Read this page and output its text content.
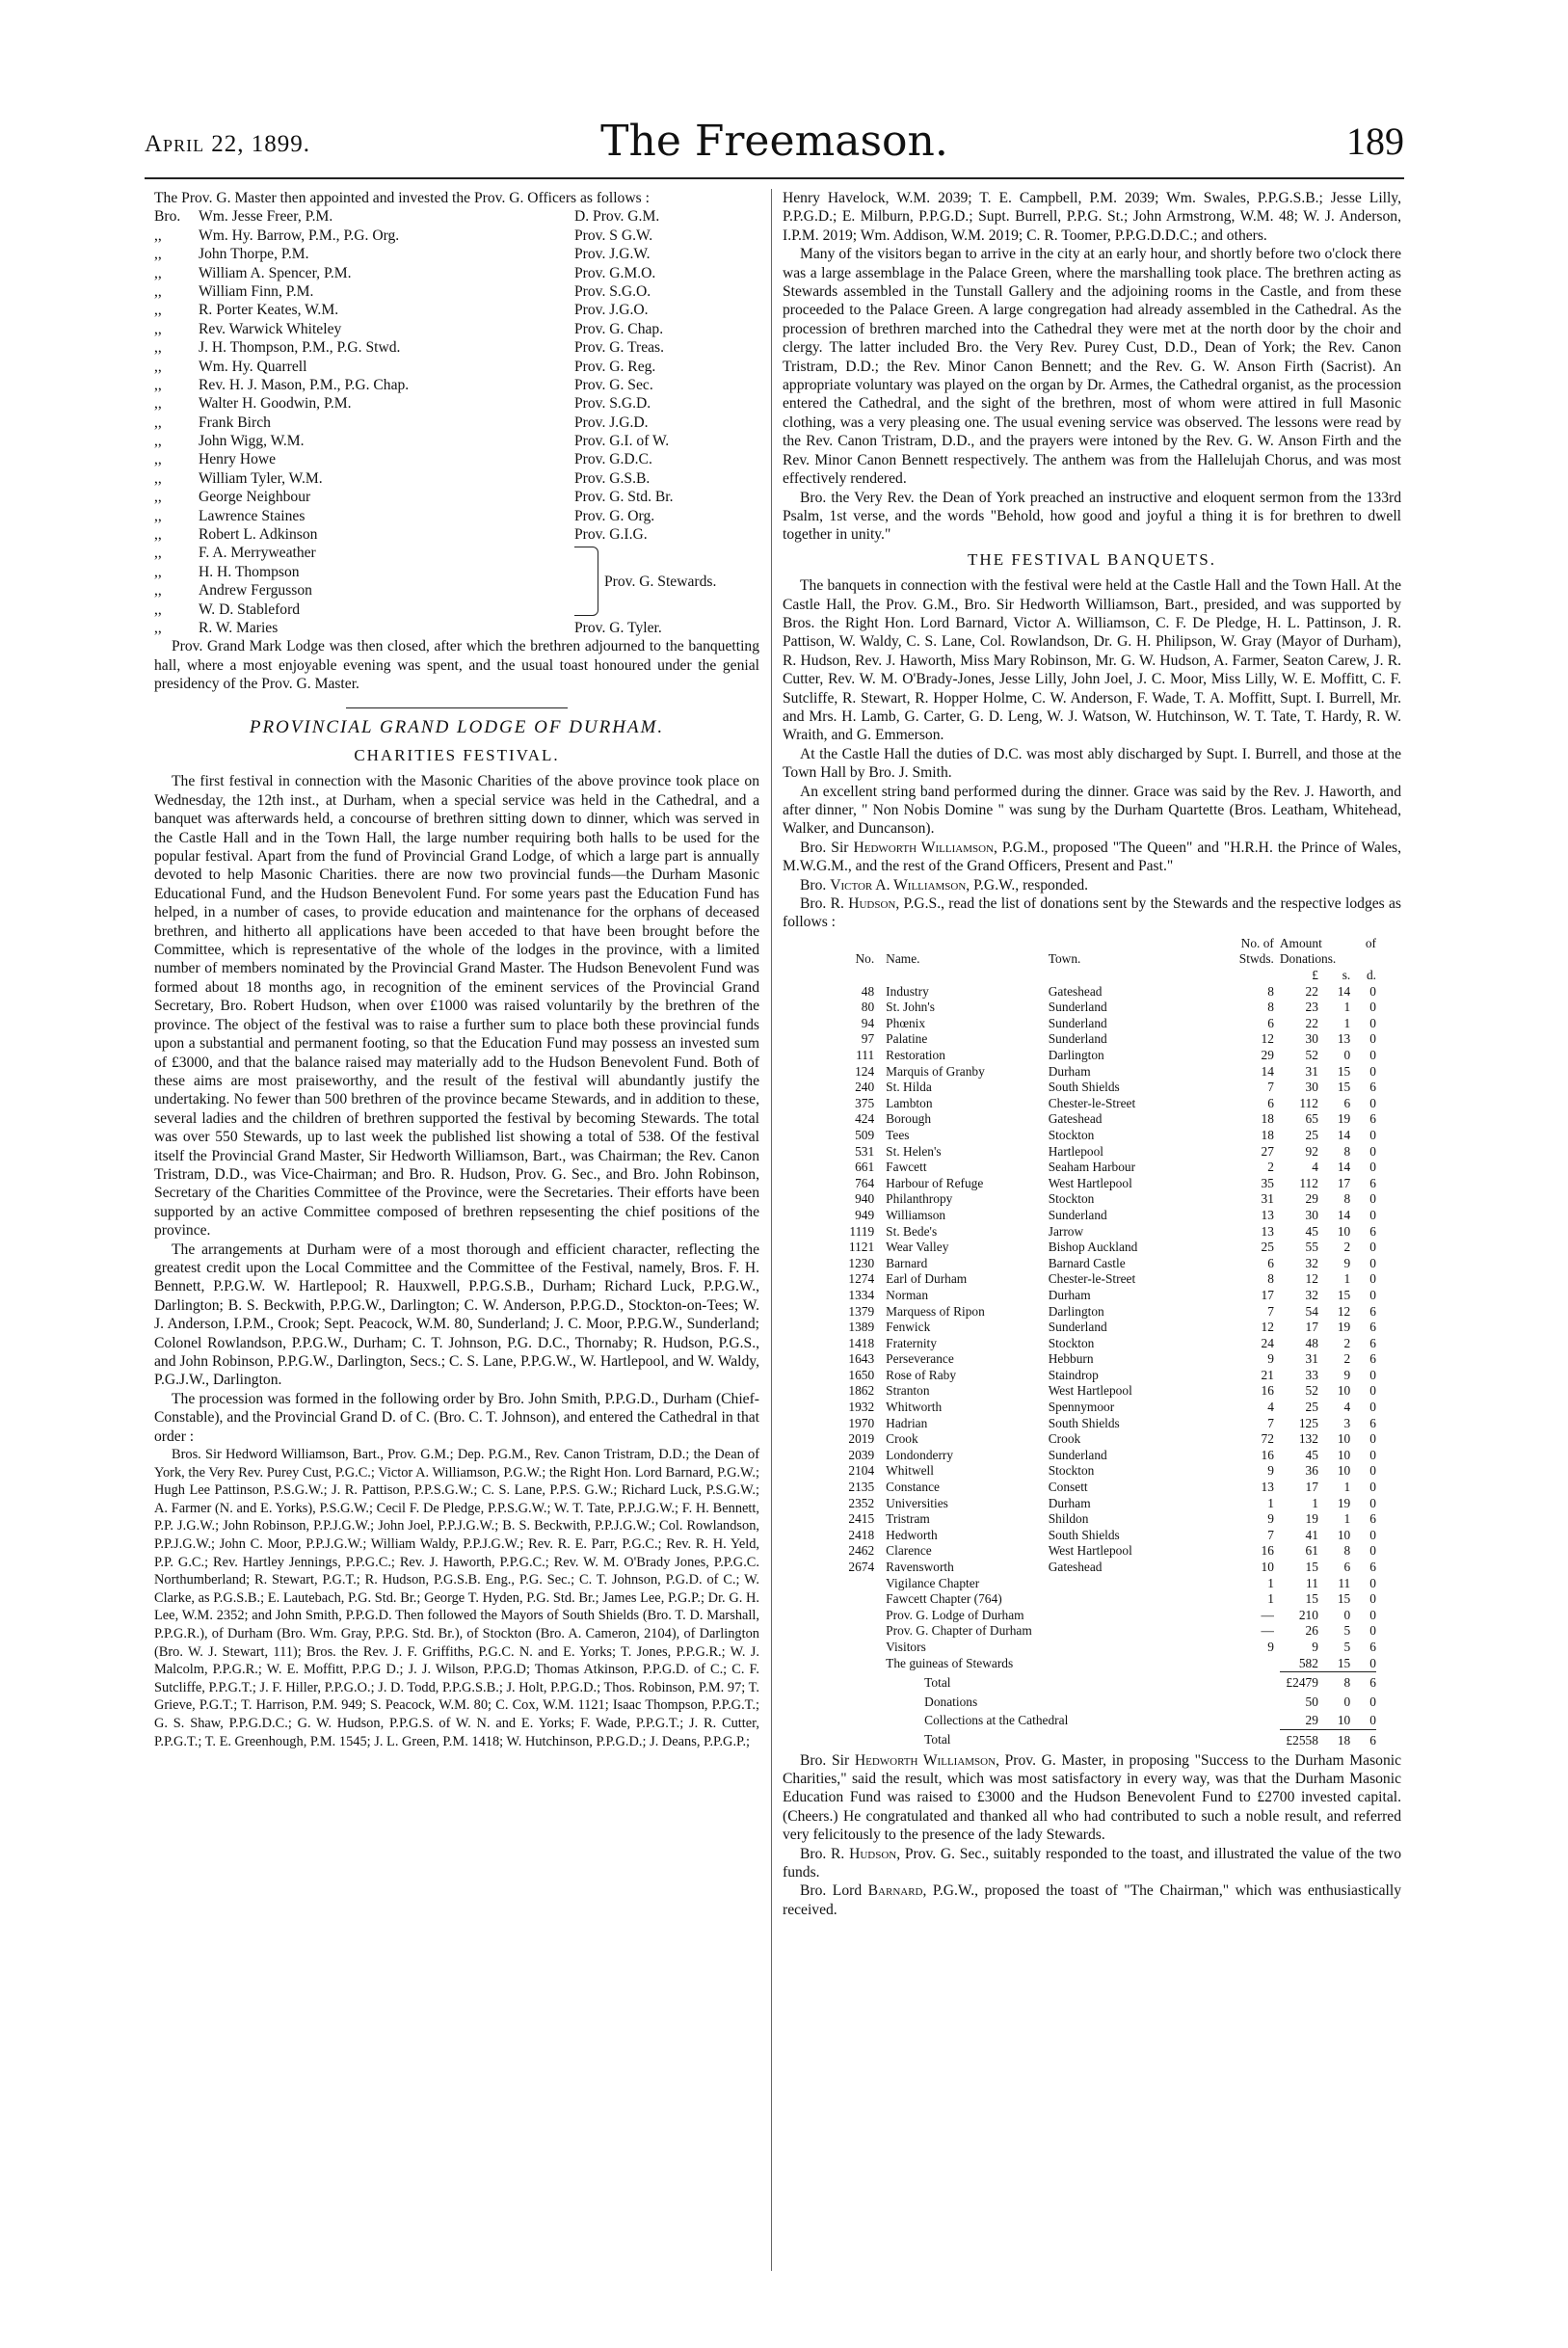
April 22, 1899.	The Freemason.	189

The Prov. G. Master then appointed and invested the Prov. G. Officers as follows :

Bro.	Wm. Jesse Freer, P.M.	D. Prov. G.M.
,,	Wm. Hy. Barrow, P.M., P.G. Org.	Prov. S G.W.
,,	John Thorpe, P.M.	Prov. J.G.W.
,,	William A. Spencer, P.M.	Prov. G.M.O.
,,	William Finn, P.M.	Prov. S.G.O.
,,	R. Porter Keates, W.M.	Prov. J.G.O.
,,	Rev. Warwick Whiteley	Prov. G. Chap.
,,	J. H. Thompson, P.M., P.G. Stwd.	Prov. G. Treas.
,,	Wm. Hy. Quarrell	Prov. G. Reg.
,,	Rev. H. J. Mason, P.M., P.G. Chap.	Prov. G. Sec.
,,	Walter H. Goodwin, P.M.	Prov. S.G.D.
,,	Frank Birch	Prov. J.G.D.
,,	John Wigg, W.M.	Prov. G.I. of W.
,,	Henry Howe	Prov. G.D.C.
,,	William Tyler, W.M.	Prov. G.S.B.
,,	George Neighbour	Prov. G. Std. Br.
,,	Lawrence Staines	Prov. G. Org.
,,	Robert L. Adkinson	Prov. G.I.G.
,,	F. A. Merryweather
,,	H. H. Thompson
,,	Andrew Fergusson
,,	W. D. Stableford
Prov. G. Stewards.
,,	R. W. Maries	Prov. G. Tyler.

Prov. Grand Mark Lodge was then closed, after which the brethren adjourned to the banquetting hall, where a most enjoyable evening was spent, and the usual toast honoured under the genial presidency of the Prov. G. Master.

PROVINCIAL GRAND LODGE OF DURHAM.
CHARITIES FESTIVAL.

The first festival in connection with the Masonic Charities of the above province took place on Wednesday, the 12th inst., at Durham, when a special service was held in the Cathedral, and a banquet was afterwards held, a concourse of brethren sitting down to dinner, which was served in the Castle Hall and in the Town Hall, the large number requiring both halls to be used for the popular festival. Apart from the fund of Provincial Grand Lodge, of which a large part is annually devoted to help Masonic Charities. there are now two provincial funds—the Durham Masonic Educational Fund, and the Hudson Benevolent Fund. For some years past the Education Fund has helped, in a number of cases, to provide education and maintenance for the orphans of deceased brethren, and hitherto all applications have been acceded to that have been brought before the Committee, which is representative of the whole of the lodges in the province, with a limited number of members nominated by the Provincial Grand Master. The Hudson Benevolent Fund was formed about 18 months ago, in recognition of the eminent services of the Provincial Grand Secretary, Bro. Robert Hudson, when over £1000 was raised voluntarily by the brethren of the province. The object of the festival was to raise a further sum to place both these provincial funds upon a substantial and permanent footing, so that the Education Fund may possess an invested sum of £3000, and that the balance raised may materially add to the Hudson Benevolent Fund. Both of these aims are most praiseworthy, and the result of the festival will abundantly justify the undertaking. No fewer than 500 brethren of the province became Stewards, and in addition to these, several ladies and the children of brethren supported the festival by becoming Stewards. The total was over 550 Stewards, up to last week the published list showing a total of 538. Of the festival itself the Provincial Grand Master, Sir Hedworth Williamson, Bart., was Chairman; the Rev. Canon Tristram, D.D., was Vice-Chairman; and Bro. R. Hudson, Prov. G. Sec., and Bro. John Robinson, Secretary of the Charities Committee of the Province, were the Secretaries. Their efforts have been supported by an active Committee composed of brethren repsesenting the chief positions of the province.

The arrangements at Durham were of a most thorough and efficient character, reflecting the greatest credit upon the Local Committee and the Committee of the Festival, namely, Bros. F. H. Bennett, P.P.G.W. W. Hartlepool; R. Hauxwell, P.P.G.S.B., Durham; Richard Luck, P.P.G.W., Darlington; B. S. Beckwith, P.P.G.W., Darlington; C. W. Anderson, P.P.G.D., Stockton-on-Tees; W. J. Anderson, I.P.M., Crook; Sept. Peacock, W.M. 80, Sunderland; J. C. Moor, P.P.G.W., Sunderland; Colonel Rowlandson, P.P.G.W., Durham; C. T. Johnson, P.G. D.C., Thornaby; R. Hudson, P.G.S., and John Robinson, P.P.G.W., Darlington, Secs.; C. S. Lane, P.P.G.W., W. Hartlepool, and W. Waldy, P.G.J.W., Darlington.

The procession was formed in the following order by Bro. John Smith, P.P.G.D., Durham (Chief-Constable), and the Provincial Grand D. of C. (Bro. C. T. Johnson), and entered the Cathedral in that order :

Bros. Sir Hedword Williamson, Bart., Prov. G.M.; Dep. P.G.M., Rev. Canon Tristram, D.D.; the Dean of York, the Very Rev. Purey Cust, P.G.C.; Victor A. Williamson, P.G.W.; the Right Hon. Lord Barnard, P.G.W.; Hugh Lee Pattinson, P.S.G.W.; J. R. Pattison, P.P.S.G.W.; C. S. Lane, P.P.S. G.W.; Richard Luck, P.S.G.W.; A. Farmer (N. and E. Yorks), P.S.G.W.; Cecil F. De Pledge, P.P.S.G.W.; W. T. Tate, P.P.J.G.W.; F. H. Bennett, P.P. J.G.W.; John Robinson, P.P.J.G.W.; John Joel, P.P.J.G.W.; B. S. Beckwith, P.P.J.G.W.; Col. Rowlandson, P.P.J.G.W.; John C. Moor, P.P.J.G.W.; William Waldy, P.P.J.G.W.; Rev. R. E. Parr, P.G.C.; Rev. R. H. Yeld, P.P. G.C.; Rev. Hartley Jennings, P.P.G.C.; Rev. J. Haworth, P.P.G.C.; Rev. W. M. O'Brady Jones, P.P.G.C. Northumberland; R. Stewart, P.G.T.; R. Hudson, P.G.S.B. Eng., P.G. Sec.; C. T. Johnson, P.G.D. of C.; W. Clarke, as P.G.S.B.; E. Lautebach, P.G. Std. Br.; George T. Hyden, P.G. Std. Br.; James Lee, P.G.P.; Dr. G. H. Lee, W.M. 2352; and John Smith, P.P.G.D. Then followed the Mayors of South Shields (Bro. T. D. Marshall, P.P.G.R.), of Durham (Bro. Wm. Gray, P.P.G. Std. Br.), of Stockton (Bro. A. Cameron, 2104), of Darlington (Bro. W. J. Stewart, 111); Bros. the Rev. J. F. Griffiths, P.G.C. N. and E. Yorks; T. Jones, P.P.G.R.; W. J. Malcolm, P.P.G.R.; W. E. Moffitt, P.P.G D.; J. J. Wilson, P.P.G.D; Thomas Atkinson, P.P.G.D. of C.; C. F. Sutcliffe, P.P.G.T.; J. F. Hiller, P.P.G.O.; J. D. Todd, P.P.G.S.B.; J. Holt, P.P.G.D.; Thos. Robinson, P.M. 97; T. Grieve, P.G.T.; T. Harrison, P.M. 949; S. Peacock, W.M. 80; C. Cox, W.M. 1121; Isaac Thompson, P.P.G.T.; G. S. Shaw, P.P.G.D.C.; G. W. Hudson, P.P.G.S. of W. N. and E. Yorks; F. Wade, P.P.G.T.; J. R. Cutter, P.P.G.T.; T. E. Greenhough, P.M. 1545; J. L. Green, P.M. 1418; W. Hutchinson, P.P.G.D.; J. Deans, P.P.G.P.;

Henry Havelock, W.M. 2039; T. E. Campbell, P.M. 2039; Wm. Swales, P.P.G.S.B.; Jesse Lilly, P.P.G.D.; E. Milburn, P.P.G.D.; Supt. Burrell, P.P.G. St.; John Armstrong, W.M. 48; W. J. Anderson, I.P.M. 2019; Wm. Addison, W.M. 2019; C. R. Toomer, P.P.G.D.D.C.; and others.

Many of the visitors began to arrive in the city at an early hour, and shortly before two o'clock there was a large assemblage in the Palace Green, where the marshalling took place. The brethren acting as Stewards assembled in the Tunstall Gallery and the adjoining rooms in the Castle, and from these proceeded to the Palace Green. A large congregation had already assembled in the Cathedral. As the procession of brethren marched into the Cathedral they were met at the north door by the choir and clergy. The latter included Bro. the Very Rev. Purey Cust, D.D., Dean of York; the Rev. Canon Tristram, D.D.; the Rev. Minor Canon Bennett; and the Rev. G. W. Anson Firth (Sacrist). An appropriate voluntary was played on the organ by Dr. Armes, the Cathedral organist, as the procession entered the Cathedral, and the sight of the brethren, most of whom were attired in full Masonic clothing, was a very pleasing one. The usual evening service was observed. The lessons were read by the Rev. Canon Tristram, D.D., and the prayers were intoned by the Rev. G. W. Anson Firth and the Rev. Minor Canon Bennett respectively. The anthem was from the Hallelujah Chorus, and was most effectively rendered.

Bro. the Very Rev. the Dean of York preached an instructive and eloquent sermon from the 133rd Psalm, 1st verse, and the words "Behold, how good and joyful a thing it is for brethren to dwell together in unity."

THE FESTIVAL BANQUETS.

The banquets in connection with the festival were held at the Castle Hall and the Town Hall. At the Castle Hall, the Prov. G.M., Bro. Sir Hedworth Williamson, Bart., presided, and was supported by Bros. the Right Hon. Lord Barnard, Victor A. Williamson, C. F. De Pledge, H. L. Pattinson, J. R. Pattison, W. Waldy, C. S. Lane, Col. Rowlandson, Dr. G. H. Philipson, W. Gray (Mayor of Durham), R. Hudson, Rev. J. Haworth, Miss Mary Robinson, Mr. G. W. Hudson, A. Farmer, Seaton Carew, J. R. Cutter, Rev. W. M. O'Brady-Jones, Jesse Lilly, John Joel, J. C. Moor, Miss Lilly, W. E. Moffitt, C. F. Sutcliffe, R. Stewart, R. Hopper Holme, C. W. Anderson, F. Wade, T. A. Moffitt, Supt. I. Burrell, Mr. and Mrs. H. Lamb, G. Carter, G. D. Leng, W. J. Watson, W. Hutchinson, W. T. Tate, T. Hardy, R. W. Wraith, and G. Emmerson.

At the Castle Hall the duties of D.C. was most ably discharged by Supt. I. Burrell, and those at the Town Hall by Bro. J. Smith.

An excellent string band performed during the dinner. Grace was said by the Rev. J. Haworth, and after dinner, " Non Nobis Domine " was sung by the Durham Quartette (Bros. Leatham, Whitehead, Walker, and Duncanson).

Bro. Sir Hedworth Williamson, P.G.M., proposed "The Queen" and "H.R.H. the Prince of Wales, M.W.G.M., and the rest of the Grand Officers, Present and Past."

Bro. Victor A. Williamson, P.G.W., responded.

Bro. R. Hudson, P.G.S., read the list of donations sent by the Stewards and the respective lodges as follows :

No.	Name.	Town.	No. of Stwds.	Amount of Donations.		
				£	s.	d.
48	Industry	Gateshead	8	22	14	0
80	St. John's	Sunderland	8	23	1	0
94	Phœnix	Sunderland	6	22	1	0
97	Palatine	Sunderland	12	30	13	0
111	Restoration	Darlington	29	52	0	0
124	Marquis of Granby	Durham	14	31	15	0
240	St. Hilda	South Shields	7	30	15	6
375	Lambton	Chester-le-Street	6	112	6	0
424	Borough	Gateshead	18	65	19	6
509	Tees	Stockton	18	25	14	0
531	St. Helen's	Hartlepool	27	92	8	0
661	Fawcett	Seaham Harbour	2	4	14	0
764	Harbour of Refuge	West Hartlepool	35	112	17	6
940	Philanthropy	Stockton	31	29	8	0
949	Williamson	Sunderland	13	30	14	0
1119	St. Bede's	Jarrow	13	45	10	6
1121	Wear Valley	Bishop Auckland	25	55	2	0
1230	Barnard	Barnard Castle	6	32	9	0
1274	Earl of Durham	Chester-le-Street	8	12	1	0
1334	Norman	Durham	17	32	15	0
1379	Marquess of Ripon	Darlington	7	54	12	6
1389	Fenwick	Sunderland	12	17	19	6
1418	Fraternity	Stockton	24	48	2	6
1643	Perseverance	Hebburn	9	31	2	6
1650	Rose of Raby	Staindrop	21	33	9	0
1862	Stranton	West Hartlepool	16	52	10	0
1932	Whitworth	Spennymoor	4	25	4	0
1970	Hadrian	South Shields	7	125	3	6
2019	Crook	Crook	72	132	10	0
2039	Londonderry	Sunderland	16	45	10	0
2104	Whitwell	Stockton	9	36	10	0
2135	Constance	Consett	13	17	1	0
2352	Universities	Durham	1	1	19	0
2415	Tristram	Shildon	9	19	1	6
2418	Hedworth	South Shields	7	41	10	0
2462	Clarence	West Hartlepool	16	61	8	0
2674	Ravensworth	Gateshead	10	15	6	6
	Vigilance Chapter		1	11	11	0
	Fawcett Chapter (764)		1	15	15	0
	Prov. G. Lodge of Durham		—	210	0	0
	Prov. G. Chapter of Durham		—	26	5	0
	Visitors		9	9	5	6
	The guineas of Stewards			582	15	0
	Total			£2479	8	6
	Donations			50	0	0
	Collections at the Cathedral			29	10	0
	Total			£2558	18	6

Bro. Sir Hedworth Williamson, Prov. G. Master, in proposing "Success to the Durham Masonic Charities," said the result, which was most satisfactory in every way, was that the Durham Masonic Education Fund was raised to £3000 and the Hudson Benevolent Fund to £2700 invested capital. (Cheers.) He congratulated and thanked all who had contributed to such a noble result, and referred very felicitously to the presence of the lady Stewards.

Bro. R. Hudson, Prov. G. Sec., suitably responded to the toast, and illustrated the value of the two funds.

Bro. Lord Barnard, P.G.W., proposed the toast of "The Chairman," which was enthusiastically received.
